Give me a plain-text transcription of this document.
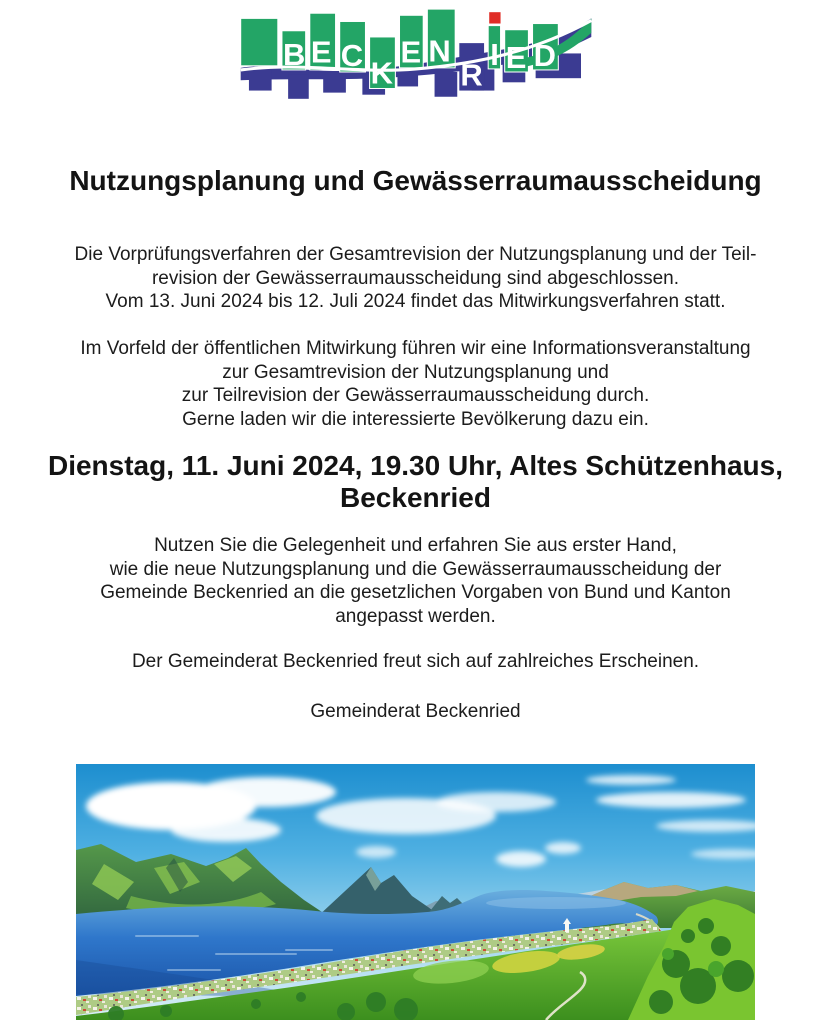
B E C
K
E N
R
I E D
Nutzungsplanung und Gewässerraumausscheidung

Die Vorprüfungsverfahren der Gesamtrevision der Nutzungsplanung und der Teil-
revision der Gewässerraumausscheidung sind abgeschlossen.
Vom 13. Juni 2024 bis 12. Juli 2024 findet das Mitwirkungsverfahren statt.

Im Vorfeld der öffentlichen Mitwirkung führen wir eine Informationsveranstaltung
zur Gesamtrevision der Nutzungsplanung und
zur Teilrevision der Gewässerraumausscheidung durch.
Gerne laden wir die interessierte Bevölkerung dazu ein.

Dienstag, 11. Juni 2024, 19.30 Uhr, Altes Schützenhaus,
Beckenried

Nutzen Sie die Gelegenheit und erfahren Sie aus erster Hand,
wie die neue Nutzungsplanung und die Gewässerraumausscheidung der
Gemeinde Beckenried an die gesetzlichen Vorgaben von Bund und Kanton
angepasst werden.

Der Gemeinderat Beckenried freut sich auf zahlreiches Erscheinen.

Gemeinderat Beckenried
